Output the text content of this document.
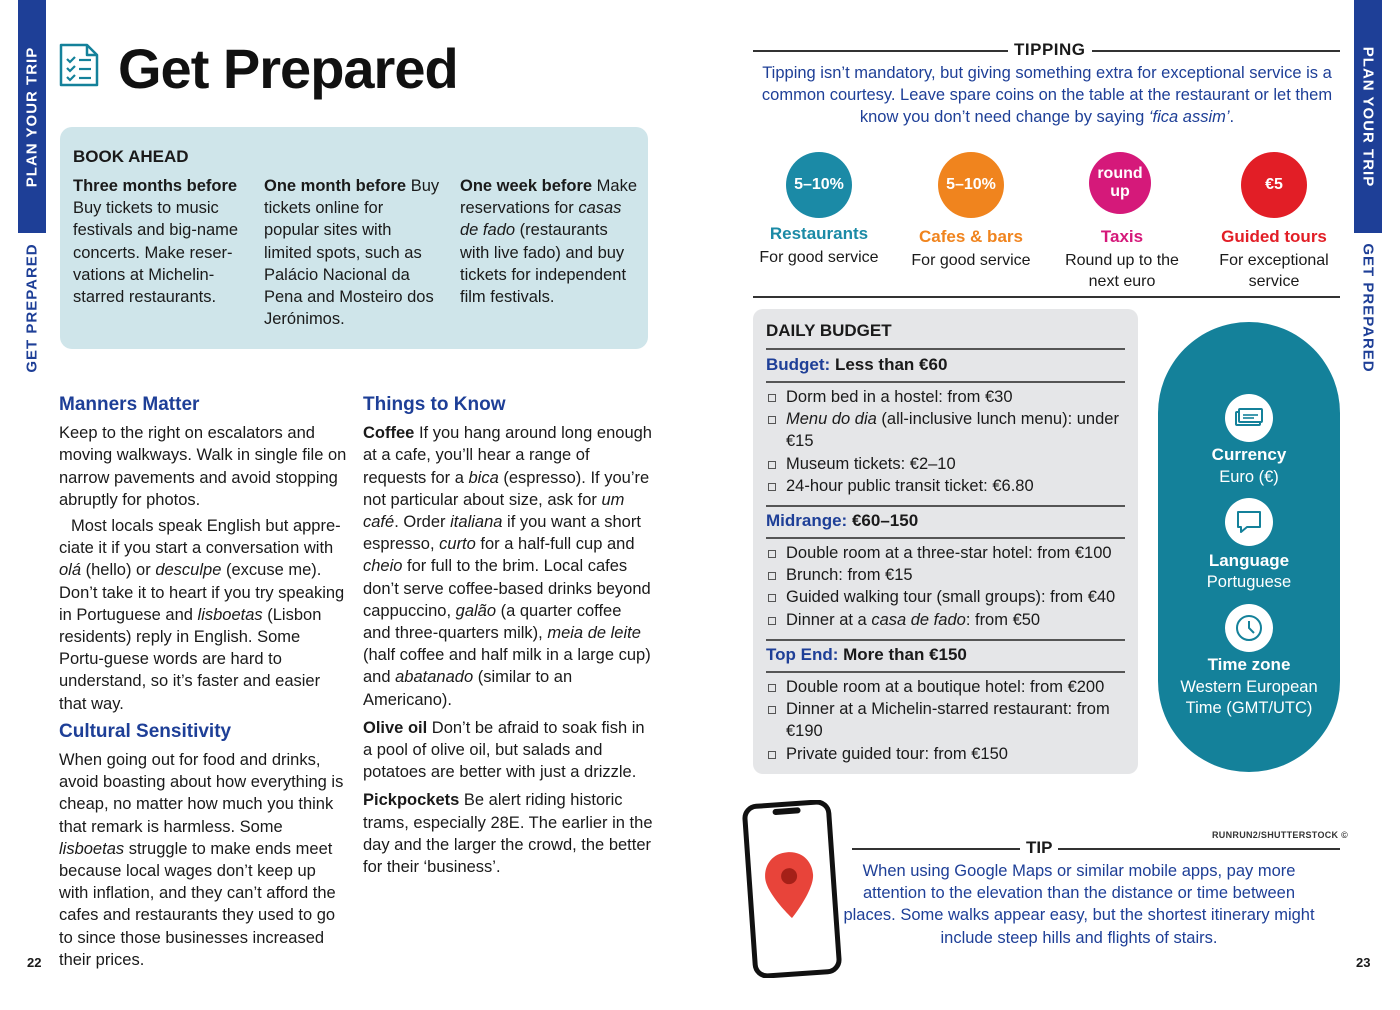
PLAN YOUR TRIP
GET PREPARED
22
PLAN YOUR TRIP
GET PREPARED
23
Get Prepared
BOOK AHEAD
Three months before Buy tickets to music festivals and big-name concerts. Make reser-vations at Michelin-starred restaurants.
One month before Buy tickets online for popular sites with limited spots, such as Palácio Nacional da Pena and Mosteiro dos Jerónimos.
One week before Make reservations for casas de fado (restaurants with live fado) and buy tickets for independent film festivals.
Manners Matter

Keep to the right on escalators and moving walkways. Walk in single file on narrow pavements and avoid stopping abruptly for photos.

Most locals speak English but appre-ciate it if you start a conversation with olá (hello) or desculpe (excuse me). Don’t take it to heart if you try speaking in Portuguese and lisboetas (Lisbon residents) reply in English. Some Portu-guese words are hard to understand, so it’s faster and easier that way.

Cultural Sensitivity

When going out for food and drinks, avoid boasting about how everything is cheap, no matter how much you think that remark is harmless. Some lisboetas struggle to make ends meet because local wages don’t keep up with inflation, and they can’t afford the cafes and restaurants they used to go to since those businesses increased their prices.

Things to Know

Coffee If you hang around long enough at a cafe, you’ll hear a range of requests for a bica (espresso). If you’re not particular about size, ask for um café. Order italiana if you want a short espresso, curto for a half-full cup and cheio for full to the brim. Local cafes don’t serve coffee-based drinks beyond cappuccino, galão (a quarter coffee and three-quarters milk), meia de leite (half coffee and half milk in a large cup) and abatanado (similar to an Americano).

Olive oil Don’t be afraid to soak fish in a pool of olive oil, but salads and potatoes are better with just a drizzle.

Pickpockets Be alert riding historic trams, especially 28E. The earlier in the day and the larger the crowd, the better for their ‘business’.

TIPPING
Tipping isn’t mandatory, but giving something extra for exceptional service is a common courtesy. Leave spare coins on the table at the restaurant or let them know you don’t need change by saying ‘fica assim’.
5–10%
Restaurants
For good service
5–10%
Cafes & bars
For good service
round up
Taxis
Round up to the next euro
€5
Guided tours
For exceptional service
DAILY BUDGET
Budget: Less than €60
Dorm bed in a hostel: from €30
Menu do dia (all-inclusive lunch menu): under €15
Museum tickets: €2–10
24-hour public transit ticket: €6.80
Midrange: €60–150
Double room at a three-star hotel: from €100
Brunch: from €15
Guided walking tour (small groups): from €40
Dinner at a casa de fado: from €50
Top End: More than €150
Double room at a boutique hotel: from €200
Dinner at a Michelin-starred restaurant: from €190
Private guided tour: from €150
Currency
Euro (€)
Language
Portuguese
Time zone
Western European Time (GMT/UTC)
RUNRUN2/SHUTTERSTOCK ©
TIP
When using Google Maps or similar mobile apps, pay more attention to the elevation than the distance or time between places. Some walks appear easy, but the shortest itinerary might include steep hills and flights of stairs.
